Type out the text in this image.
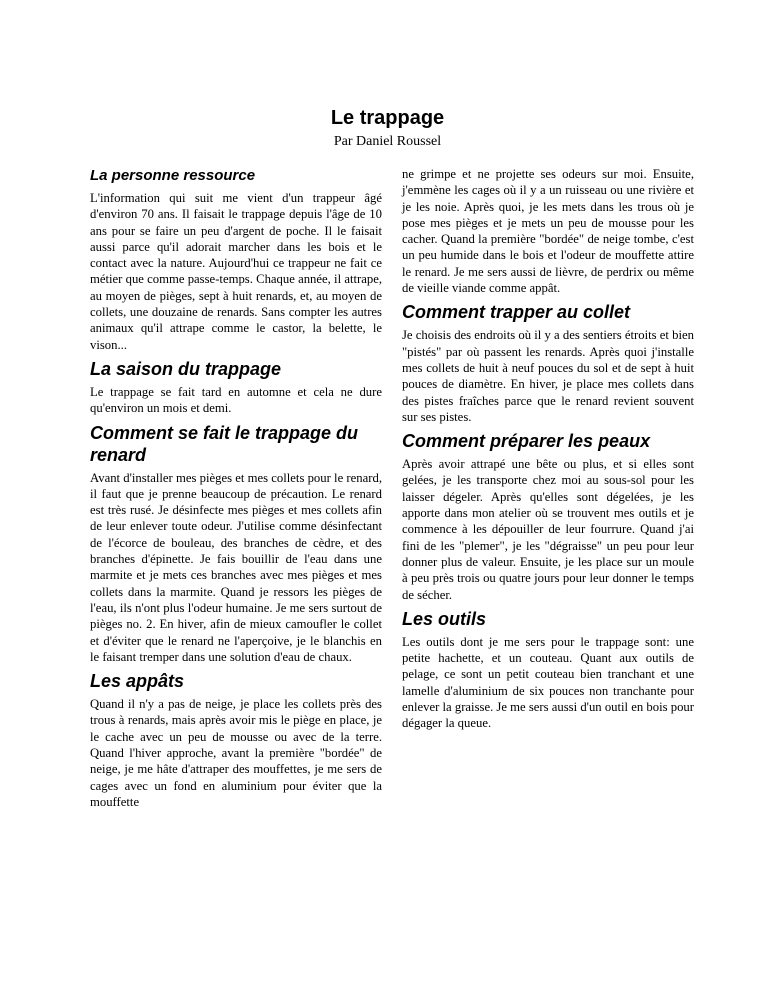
Le trappage
Par Daniel Roussel
La personne ressource

L'information qui suit me vient d'un trappeur âgé d'environ 70 ans. Il faisait le trappage depuis l'âge de 10 ans pour se faire un peu d'argent de poche. Il le faisait aussi parce qu'il adorait marcher dans les bois et le contact avec la nature. Aujourd'hui ce trappeur ne fait ce métier que comme passe-temps. Chaque année, il attrape, au moyen de pièges, sept à huit renards, et, au moyen de collets, une douzaine de renards. Sans compter les autres animaux qu'il attrape comme le castor, la belette, le vison...

La saison du trappage

Le trappage se fait tard en automne et cela ne dure qu'environ un mois et demi.

Comment se fait le trappage du renard

Avant d'installer mes pièges et mes collets pour le renard, il faut que je prenne beaucoup de précaution. Le renard est très rusé. Je désinfecte mes pièges et mes collets afin de leur enlever toute odeur. J'utilise comme désinfectant de l'écorce de bouleau, des branches de cèdre, et des branches d'épinette. Je fais bouillir de l'eau dans une marmite et je mets ces branches avec mes pièges et mes collets dans la marmite. Quand je ressors les pièges de l'eau, ils n'ont plus l'odeur humaine. Je me sers surtout de pièges no. 2. En hiver, afin de mieux camoufler le collet et d'éviter que le renard ne l'aperçoive, je le blanchis en le faisant tremper dans une solution d'eau de chaux.

Les appâts

Quand il n'y a pas de neige, je place les collets près des trous à renards, mais après avoir mis le piège en place, je le cache avec un peu de mousse ou avec de la terre. Quand l'hiver approche, avant la première "bordée" de neige, je me hâte d'attraper des mouffettes, je me sers de cages avec un fond en aluminium pour éviter que la mouffette

ne grimpe et ne projette ses odeurs sur moi. Ensuite, j'emmène les cages où il y a un ruisseau ou une rivière et je les noie. Après quoi, je les mets dans les trous où je pose mes pièges et je mets un peu de mousse pour les cacher. Quand la première "bordée" de neige tombe, c'est un peu humide dans le bois et l'odeur de mouffette attire le renard. Je me sers aussi de lièvre, de perdrix ou même de vieille viande comme appât.

Comment trapper au collet

Je choisis des endroits où il y a des sentiers étroits et bien "pistés" par où passent les renards. Après quoi j'installe mes collets de huit à neuf pouces du sol et de sept à huit pouces de diamètre. En hiver, je place mes collets dans des pistes fraîches parce que le renard revient souvent sur ses pistes.

Comment préparer les peaux

Après avoir attrapé une bête ou plus, et si elles sont gelées, je les transporte chez moi au sous-sol pour les laisser dégeler. Après qu'elles sont dégelées, je les apporte dans mon atelier où se trouvent mes outils et je commence à les dépouiller de leur fourrure. Quand j'ai fini de les "plemer", je les "dégraisse" un peu pour leur donner plus de valeur. Ensuite, je les place sur un moule à peu près trois ou quatre jours pour leur donner le temps de sécher.

Les outils

Les outils dont je me sers pour le trappage sont: une petite hachette, et un couteau. Quant aux outils de pelage, ce sont un petit couteau bien tranchant et une lamelle d'aluminium de six pouces non tranchante pour enlever la graisse. Je me sers aussi d'un outil en bois pour dégager la queue.
